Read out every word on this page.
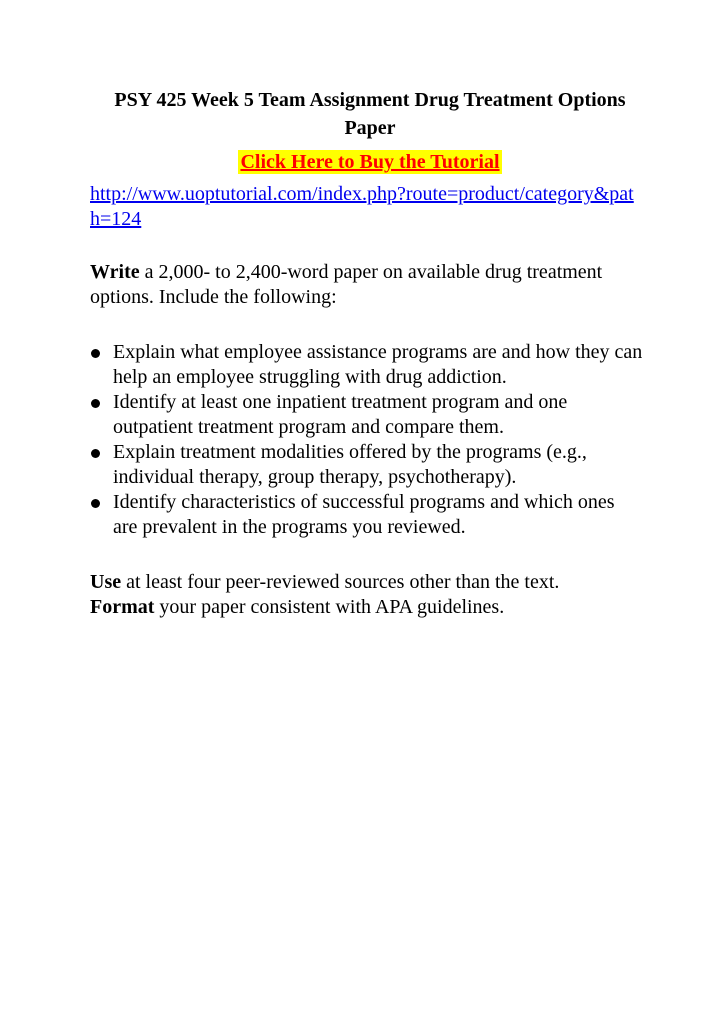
PSY 425 Week 5 Team Assignment Drug Treatment Options Paper
Click Here to Buy the Tutorial
http://www.uoptutorial.com/index.php?route=product/category&path=124
Write a 2,000- to 2,400-word paper on available drug treatment options. Include the following:
Explain what employee assistance programs are and how they can help an employee struggling with drug addiction.
Identify at least one inpatient treatment program and one outpatient treatment program and compare them.
Explain treatment modalities offered by the programs (e.g., individual therapy, group therapy, psychotherapy).
Identify characteristics of successful programs and which ones are prevalent in the programs you reviewed.
Use at least four peer-reviewed sources other than the text.
Format your paper consistent with APA guidelines.
